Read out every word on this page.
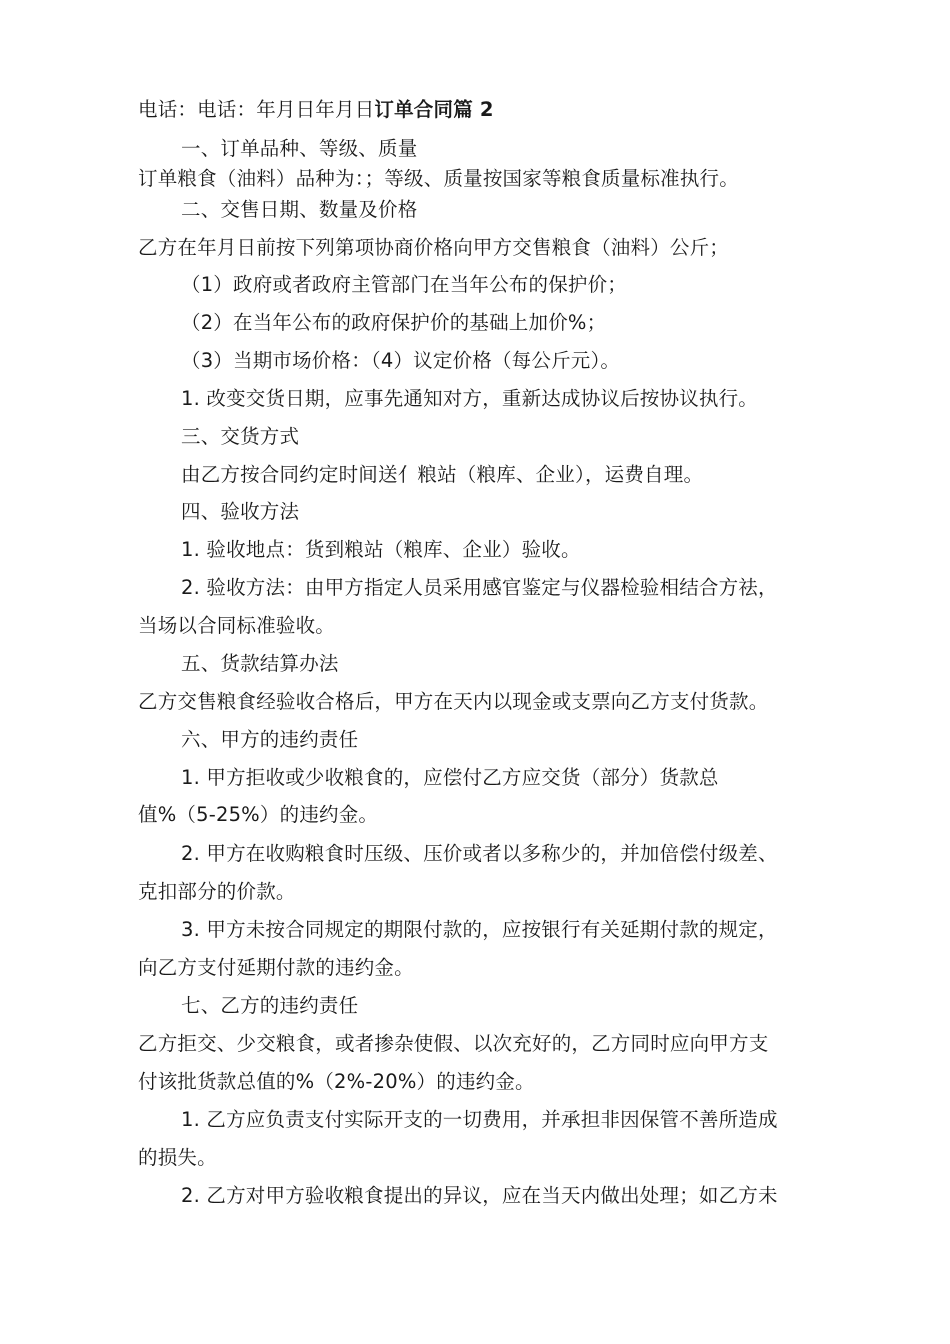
电话：电话：年月日年月日订单合同篇 2
一、订单品种、等级、质量
订单粮食（油料）品种为：；等级、质量按国家等粮食质量标准执行。
二、交售日期、数量及价格
乙方在年月日前按下列第项协商价格向甲方交售粮食（油料）公斤；
（1）政府或者政府主管部门在当年公布的保护价；
（2）在当年公布的政府保护价的基础上加价%；
（3）当期市场价格：（4）议定价格（每公斤元）。
1. 改变交货日期，应事先通知对方，重新达成协议后按协议执行。
三、交货方式
由乙方按合同约定时间送⺅粮站（粮库、企业），运费自理。
四、验收方法
1. 验收地点：货到粮站（粮库、企业）验收。
2. 验收方法：由甲方指定人员采用感官鉴定与仪器检验相结合方祛，
当场以合同标准验收。
五、货款结算办法
乙方交售粮食经验收合格后，甲方在天内以现金或支票向乙方支付货款。
六、甲方的违约责任
1. 甲方拒收或少收粮食的，应偿付乙方应交货（部分）货款总
值%（5-25%）的违约金。
2. 甲方在收购粮食时压级、压价或者以多称少的，并加倍偿付级差、
克扣部分的价款。
3. 甲方未按合同规定的期限付款的，应按银行有关延期付款的规定，
向乙方支付延期付款的违约金。
七、乙方的违约责任
乙方拒交、少交粮食，或者掺杂使假、以次充好的，乙方同时应向甲方支
付该批货款总值的%（2%-20%）的违约金。
1. 乙方应负责支付实际开支的一切费用，并承担非因保管不善所造成
的损失。
2. 乙方对甲方验收粮食提出的异议，应在当天内做出处理；如乙方未
